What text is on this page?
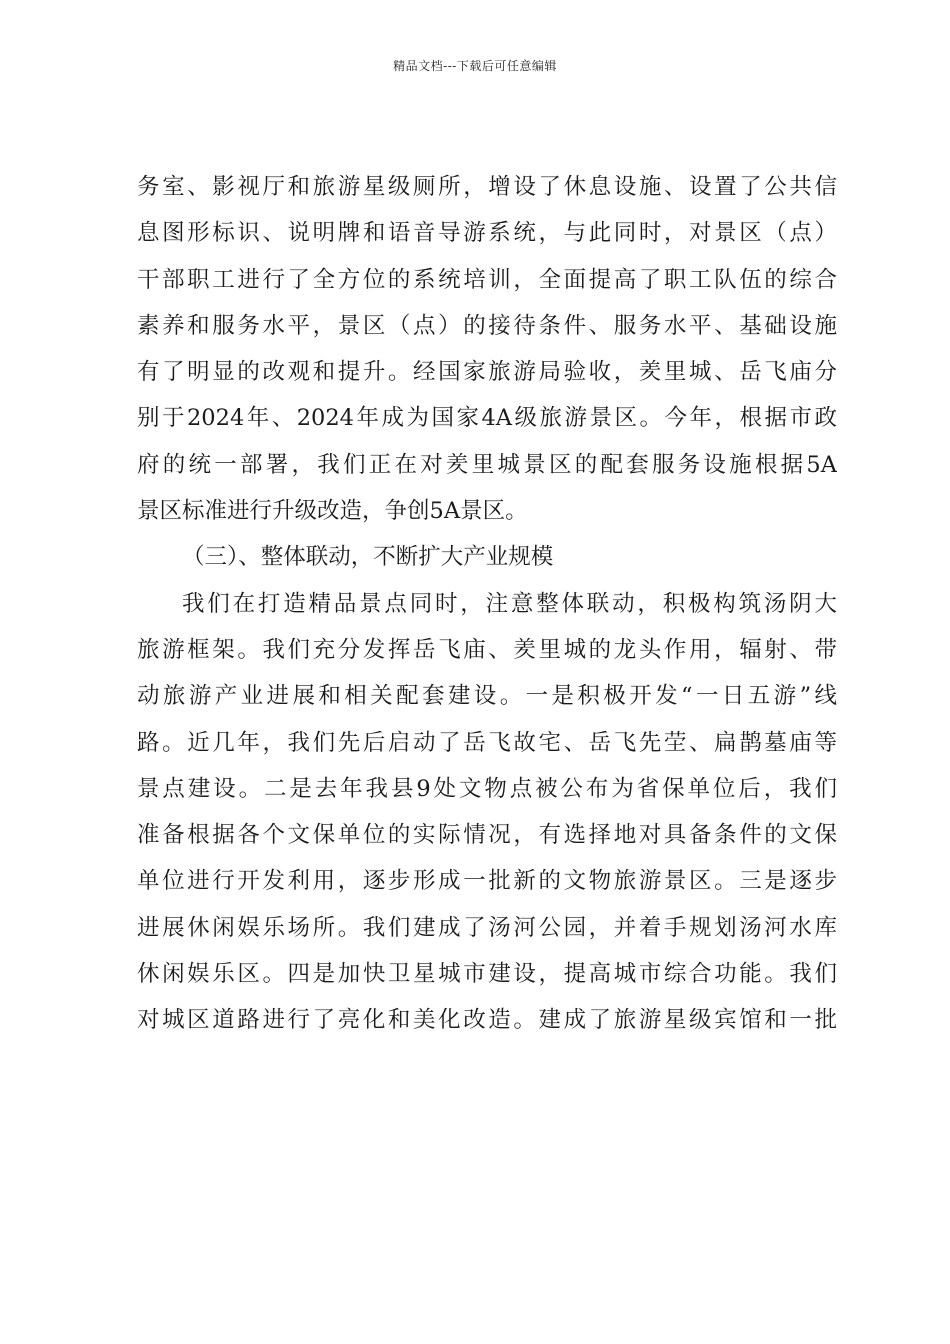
精品文档---下载后可任意编辑
务室、影视厅和旅游星级厕所，增设了休息设施、设置了公共信
息图形标识、说明牌和语音导游系统，与此同时，对景区（点）
干部职工进行了全方位的系统培训，全面提高了职工队伍的综合
素养和服务水平，景区（点）的接待条件、服务水平、基础设施
有了明显的改观和提升。经国家旅游局验收，羑里城、岳飞庙分
别于2024年、2024年成为国家4A级旅游景区。今年，根据市政
府的统一部署，我们正在对羑里城景区的配套服务设施根据5A
景区标准进行升级改造，争创5A景区。
（三）、整体联动，不断扩大产业规模
我们在打造精品景点同时，注意整体联动，积极构筑汤阴大
旅游框架。我们充分发挥岳飞庙、羑里城的龙头作用，辐射、带
动旅游产业进展和相关配套建设。一是积极开发“一日五游”线
路。近几年，我们先后启动了岳飞故宅、岳飞先茔、扁鹊墓庙等
景点建设。二是去年我县9处文物点被公布为省保单位后，我们
准备根据各个文保单位的实际情况，有选择地对具备条件的文保
单位进行开发利用，逐步形成一批新的文物旅游景区。三是逐步
进展休闲娱乐场所。我们建成了汤河公园，并着手规划汤河水库
休闲娱乐区。四是加快卫星城市建设，提高城市综合功能。我们
对城区道路进行了亮化和美化改造。建成了旅游星级宾馆和一批
